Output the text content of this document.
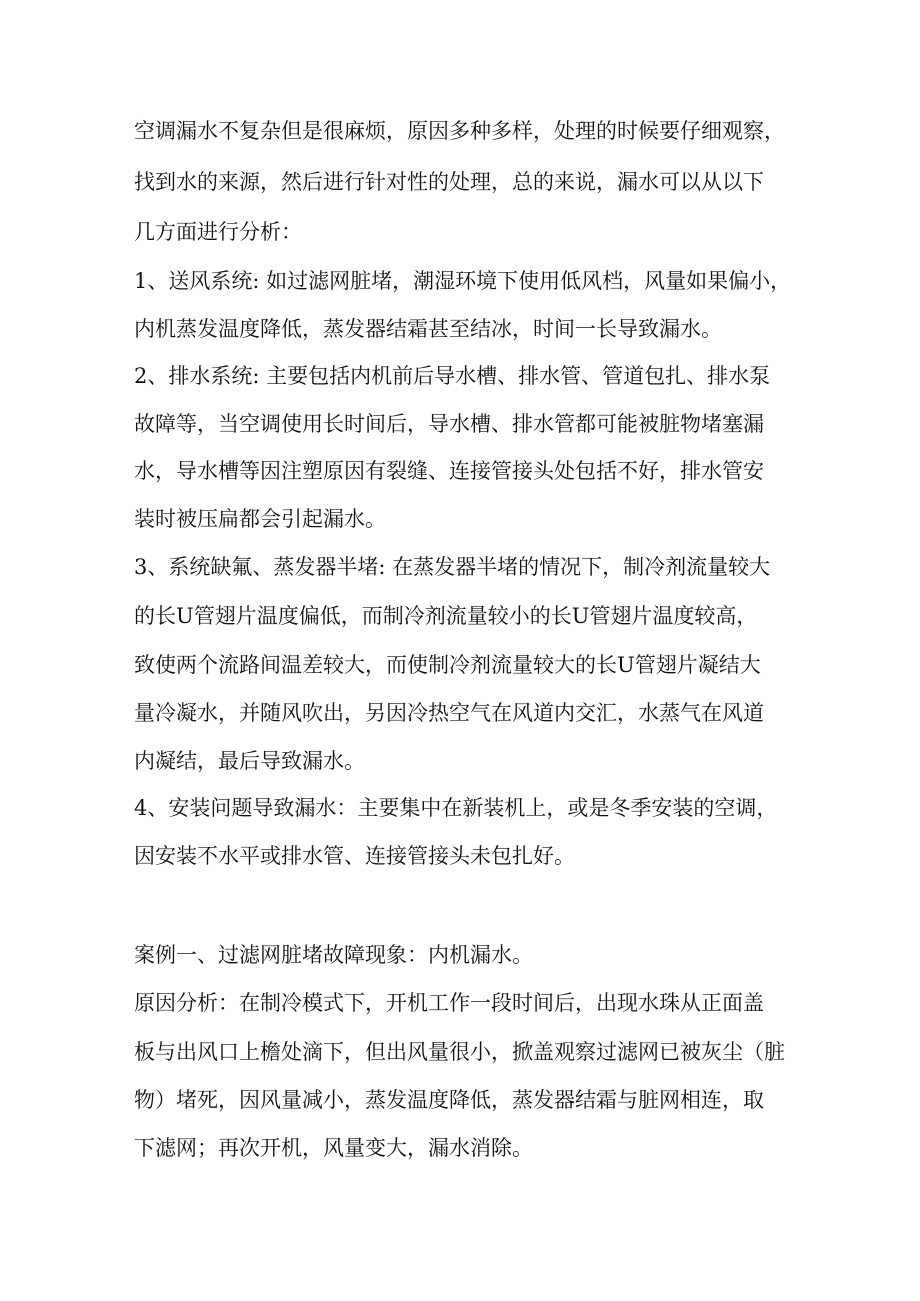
空调漏水不复杂但是很麻烦，原因多种多样，处理的时候要仔细观察，
找到水的来源，然后进行针对性的处理，总的来说，漏水可以从以下
几方面进行分析：
1、送风系统: 如过滤网脏堵，潮湿环境下使用低风档，风量如果偏小，
内机蒸发温度降低，蒸发器结霜甚至结冰，时间一长导致漏水。
2、排水系统: 主要包括内机前后导水槽、排水管、管道包扎、排水泵
故障等，当空调使用长时间后，导水槽、排水管都可能被脏物堵塞漏
水，导水槽等因注塑原因有裂缝、连接管接头处包括不好，排水管安
装时被压扁都会引起漏水。
3、系统缺氟、蒸发器半堵: 在蒸发器半堵的情况下，制冷剂流量较大
的长U管翅片温度偏低，而制冷剂流量较小的长U管翅片温度较高，
致使两个流路间温差较大，而使制冷剂流量较大的长U管翅片凝结大
量冷凝水，并随风吹出，另因冷热空气在风道内交汇，水蒸气在风道
内凝结，最后导致漏水。
4、安装问题导致漏水：主要集中在新装机上，或是冬季安装的空调，
因安装不水平或排水管、连接管接头未包扎好。
案例一、过滤网脏堵故障现象：内机漏水。
原因分析：在制冷模式下，开机工作一段时间后，出现水珠从正面盖
板与出风口上檐处滴下，但出风量很小，掀盖观察过滤网已被灰尘（脏
物）堵死，因风量减小，蒸发温度降低，蒸发器结霜与脏网相连，取
下滤网；再次开机，风量变大，漏水消除。
